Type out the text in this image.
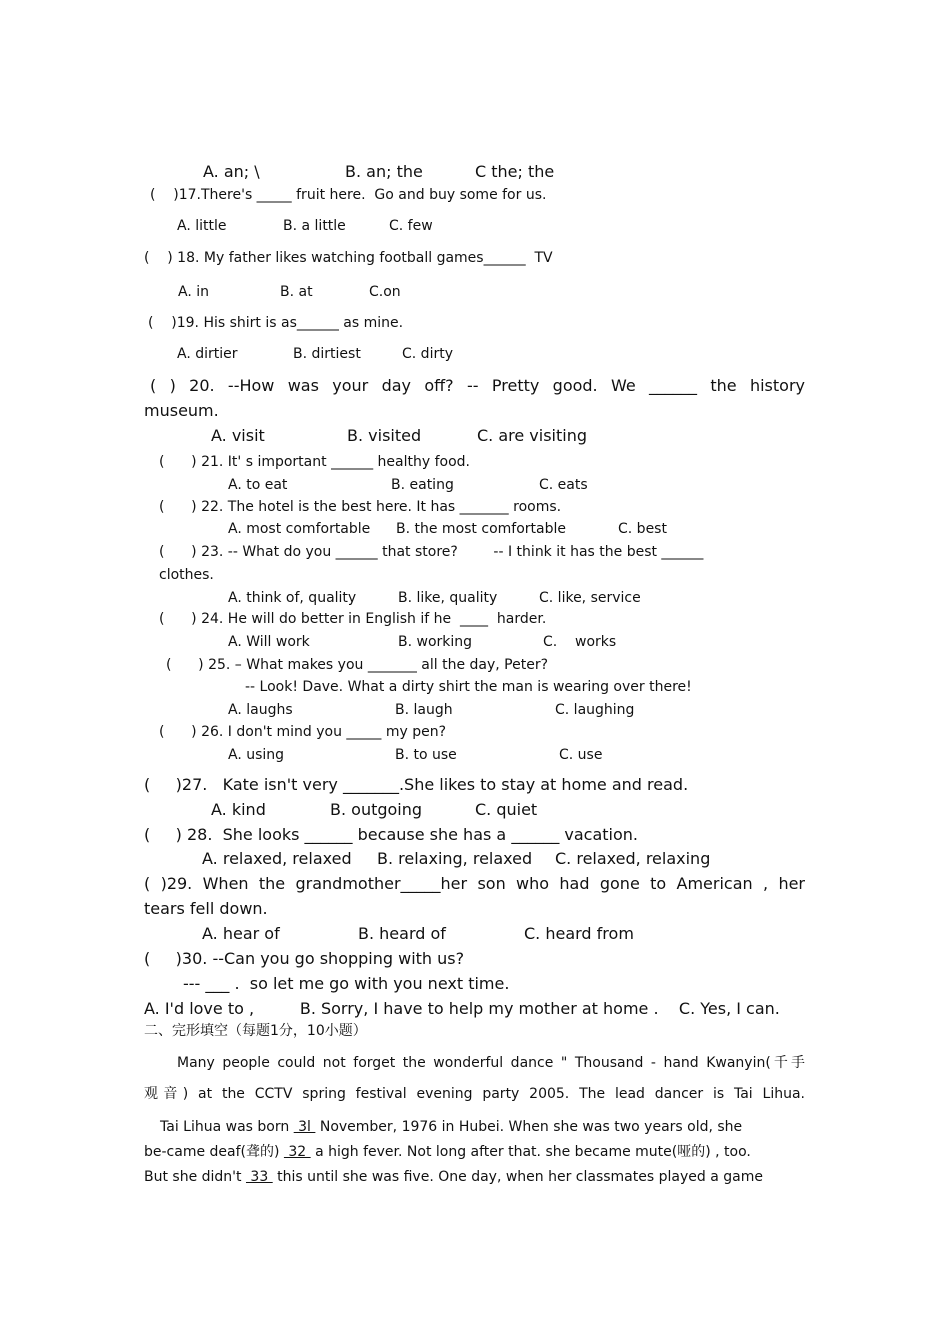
A. an; \	B. an; the	C the; the
(    )17.There's _____ fruit here.  Go and buy some for us.
A. little	B. a little	C. few
(    ) 18. My father likes watching football games______  TV
A. in	B. at	C.on
(    )19. His shirt is as______ as mine.
A. dirtier	B. dirtiest	C. dirty
( ) 20. --How was your day off? -- Pretty good. We ______ the history
museum.
A. visit	B. visited	C. are visiting
(      ) 21. It' s important ______ healthy food.
A. to eat	B. eating	C. eats
(      ) 22. The hotel is the best here. It has _______ rooms.
A. most comfortable B. the most comfortable	C. best
(      ) 23. -- What do you ______ that store?        -- I think it has the best ______
clothes.
A. think of, quality	B. like, quality	C. like, service
(      ) 24. He will do better in English if he  ____  harder.
A. Will work	B. working	C.    works
(      ) 25. – What makes you _______ all the day, Peter?
-- Look! Dave. What a dirty shirt the man is wearing over there!
A. laughs	B. laugh	C. laughing
(      ) 26. I don't mind you _____ my pen?
A. using	B. to use	C. use
(     )27.   Kate isn't very _______.She likes to stay at home and read.
A. kind	B. outgoing	C. quiet
(     ) 28.  She looks ______ because she has a ______ vacation.
A. relaxed, relaxed B. relaxing, relaxed C. relaxed, relaxing
( )29. When the grandmother_____her son who had gone to American , her
tears fell down.
A. hear of	B. heard of	C. heard from
(     )30. --Can you go shopping with us?
--- ___ .  so let me go with you next time.
A. I'd love to ,         B. Sorry, I have to help my mother at home .    C. Yes, I can.
二、完形填空（每题1分，10小题）
Many people could not forget the wonderful dance " Thousand - hand Kwanyin(千手
观音) at the CCTV spring festival evening party 2005. The lead dancer is Tai Lihua.
Tai Lihua was born  3l  November, 1976 in Hubei. When she was two years old, she
be-came deaf(聋的)  32  a high fever. Not long after that. she became mute(哑的) , too.
But she didn't  33  this until she was five. One day, when her classmates played a game
